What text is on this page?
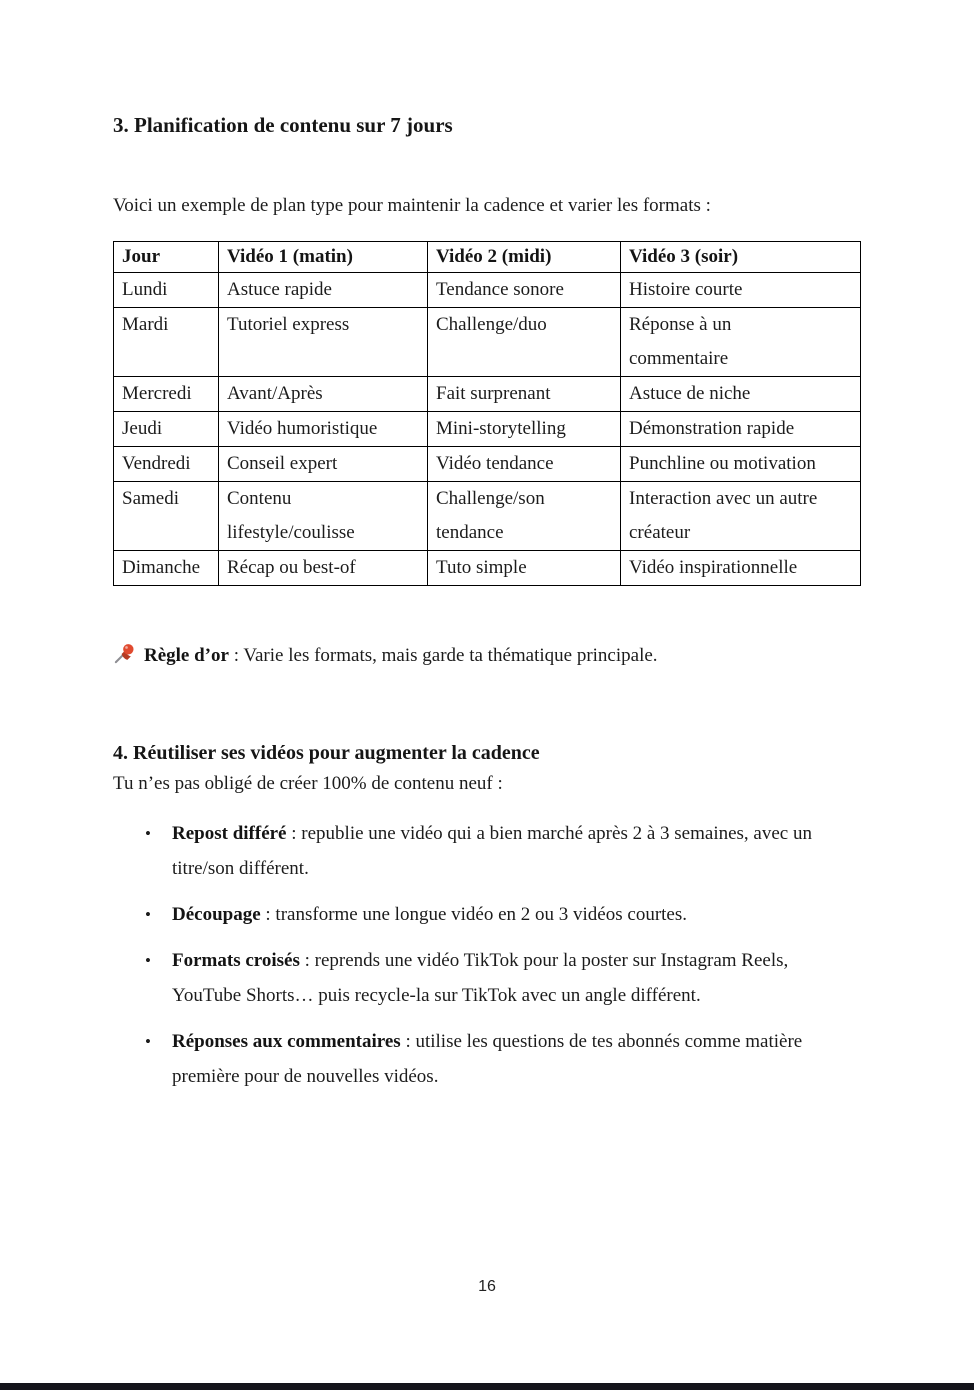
3. Planification de contenu sur 7 jours
Voici un exemple de plan type pour maintenir la cadence et varier les formats :
Jour	Vidéo 1 (matin)	Vidéo 2 (midi)	Vidéo 3 (soir)
Lundi	Astuce rapide	Tendance sonore	Histoire courte
Mardi	Tutoriel express	Challenge/duo	Réponse à un commentaire
Mercredi	Avant/Après	Fait surprenant	Astuce de niche
Jeudi	Vidéo humoristique	Mini-storytelling	Démonstration rapide
Vendredi	Conseil expert	Vidéo tendance	Punchline ou motivation
Samedi	Contenu lifestyle/coulisse	Challenge/son tendance	Interaction avec un autre créateur
Dimanche	Récap ou best-of	Tuto simple	Vidéo inspirationnelle
Règle d’or : Varie les formats, mais garde ta thématique principale.
4. Réutiliser ses vidéos pour augmenter la cadence
Tu n’es pas obligé de créer 100% de contenu neuf :
• Repost différé : republie une vidéo qui a bien marché après 2 à 3 semaines, avec un titre/son différent.
• Découpage : transforme une longue vidéo en 2 ou 3 vidéos courtes.
• Formats croisés : reprends une vidéo TikTok pour la poster sur Instagram Reels, YouTube Shorts… puis recycle-la sur TikTok avec un angle différent.
• Réponses aux commentaires : utilise les questions de tes abonnés comme matière première pour de nouvelles vidéos.
16
